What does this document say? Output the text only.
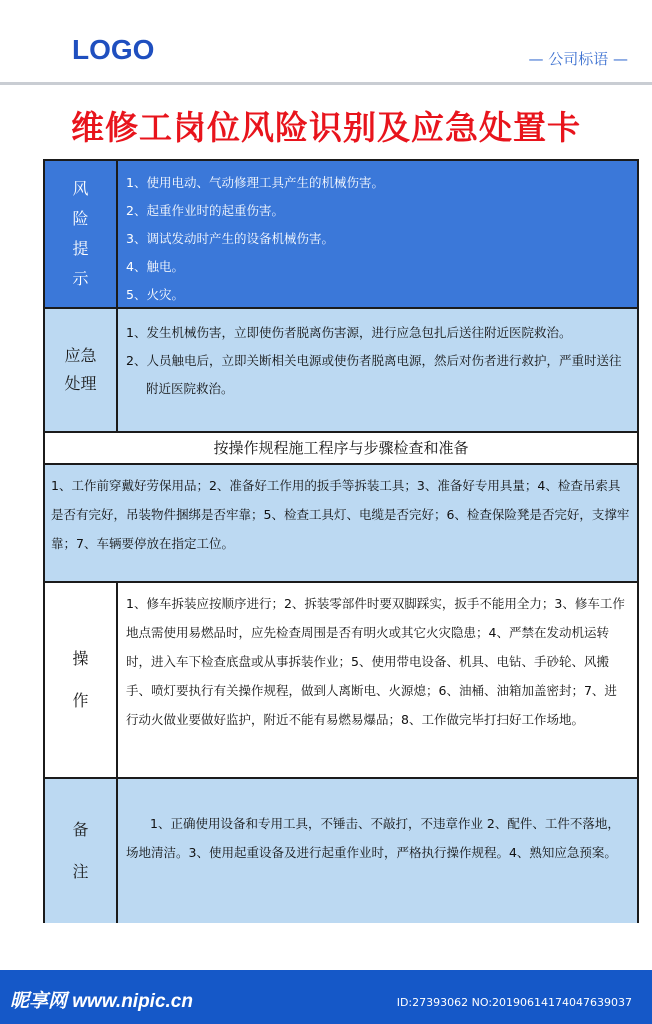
LOGO	— 公司标语 —
维修工岗位风险识别及应急处置卡
风
险
提
示
1、使用电动、气动修理工具产生的机械伤害。
2、起重作业时的起重伤害。
3、调试发动时产生的设备机械伤害。
4、触电。
5、火灾。
应急
处理
1、发生机械伤害，立即使伤者脱离伤害源，进行应急包扎后送往附近医院救治。
2、人员触电后，立即关断相关电源或使伤者脱离电源，然后对伤者进行救护，严重时送往附近医院救治。
按操作规程施工程序与步骤检查和准备
1、工作前穿戴好劳保用品；2、准备好工作用的扳手等拆装工具；3、准备好专用具量；4、检查吊索具是否有完好，吊装物件捆绑是否牢靠；5、检查工具灯、电缆是否完好；6、检查保险凳是否完好，支撑牢靠；7、车辆要停放在指定工位。
操
作
1、修车拆装应按顺序进行；2、拆装零部件时要双脚踩实，扳手不能用全力；3、修车工作地点需使用易燃品时，应先检查周围是否有明火或其它火灾隐患；4、严禁在发动机运转时，进入车下检查底盘或从事拆装作业；5、使用带电设备、机具、电钻、手砂轮、风搬手、喷灯要执行有关操作规程，做到人离断电、火源熄；6、油桶、油箱加盖密封；7、进行动火做业要做好监护，附近不能有易燃易爆品；8、工作做完毕打扫好工作场地。
备
注
1、正确使用设备和专用工具，不锤击、不敲打，不违章作业 2、配件、工件不落地，场地清洁。3、使用起重设备及进行起重作业时，严格执行操作规程。4、熟知应急预案。
昵享网 www.nipic.cn	ID:27393062 NO:20190614174047639037
